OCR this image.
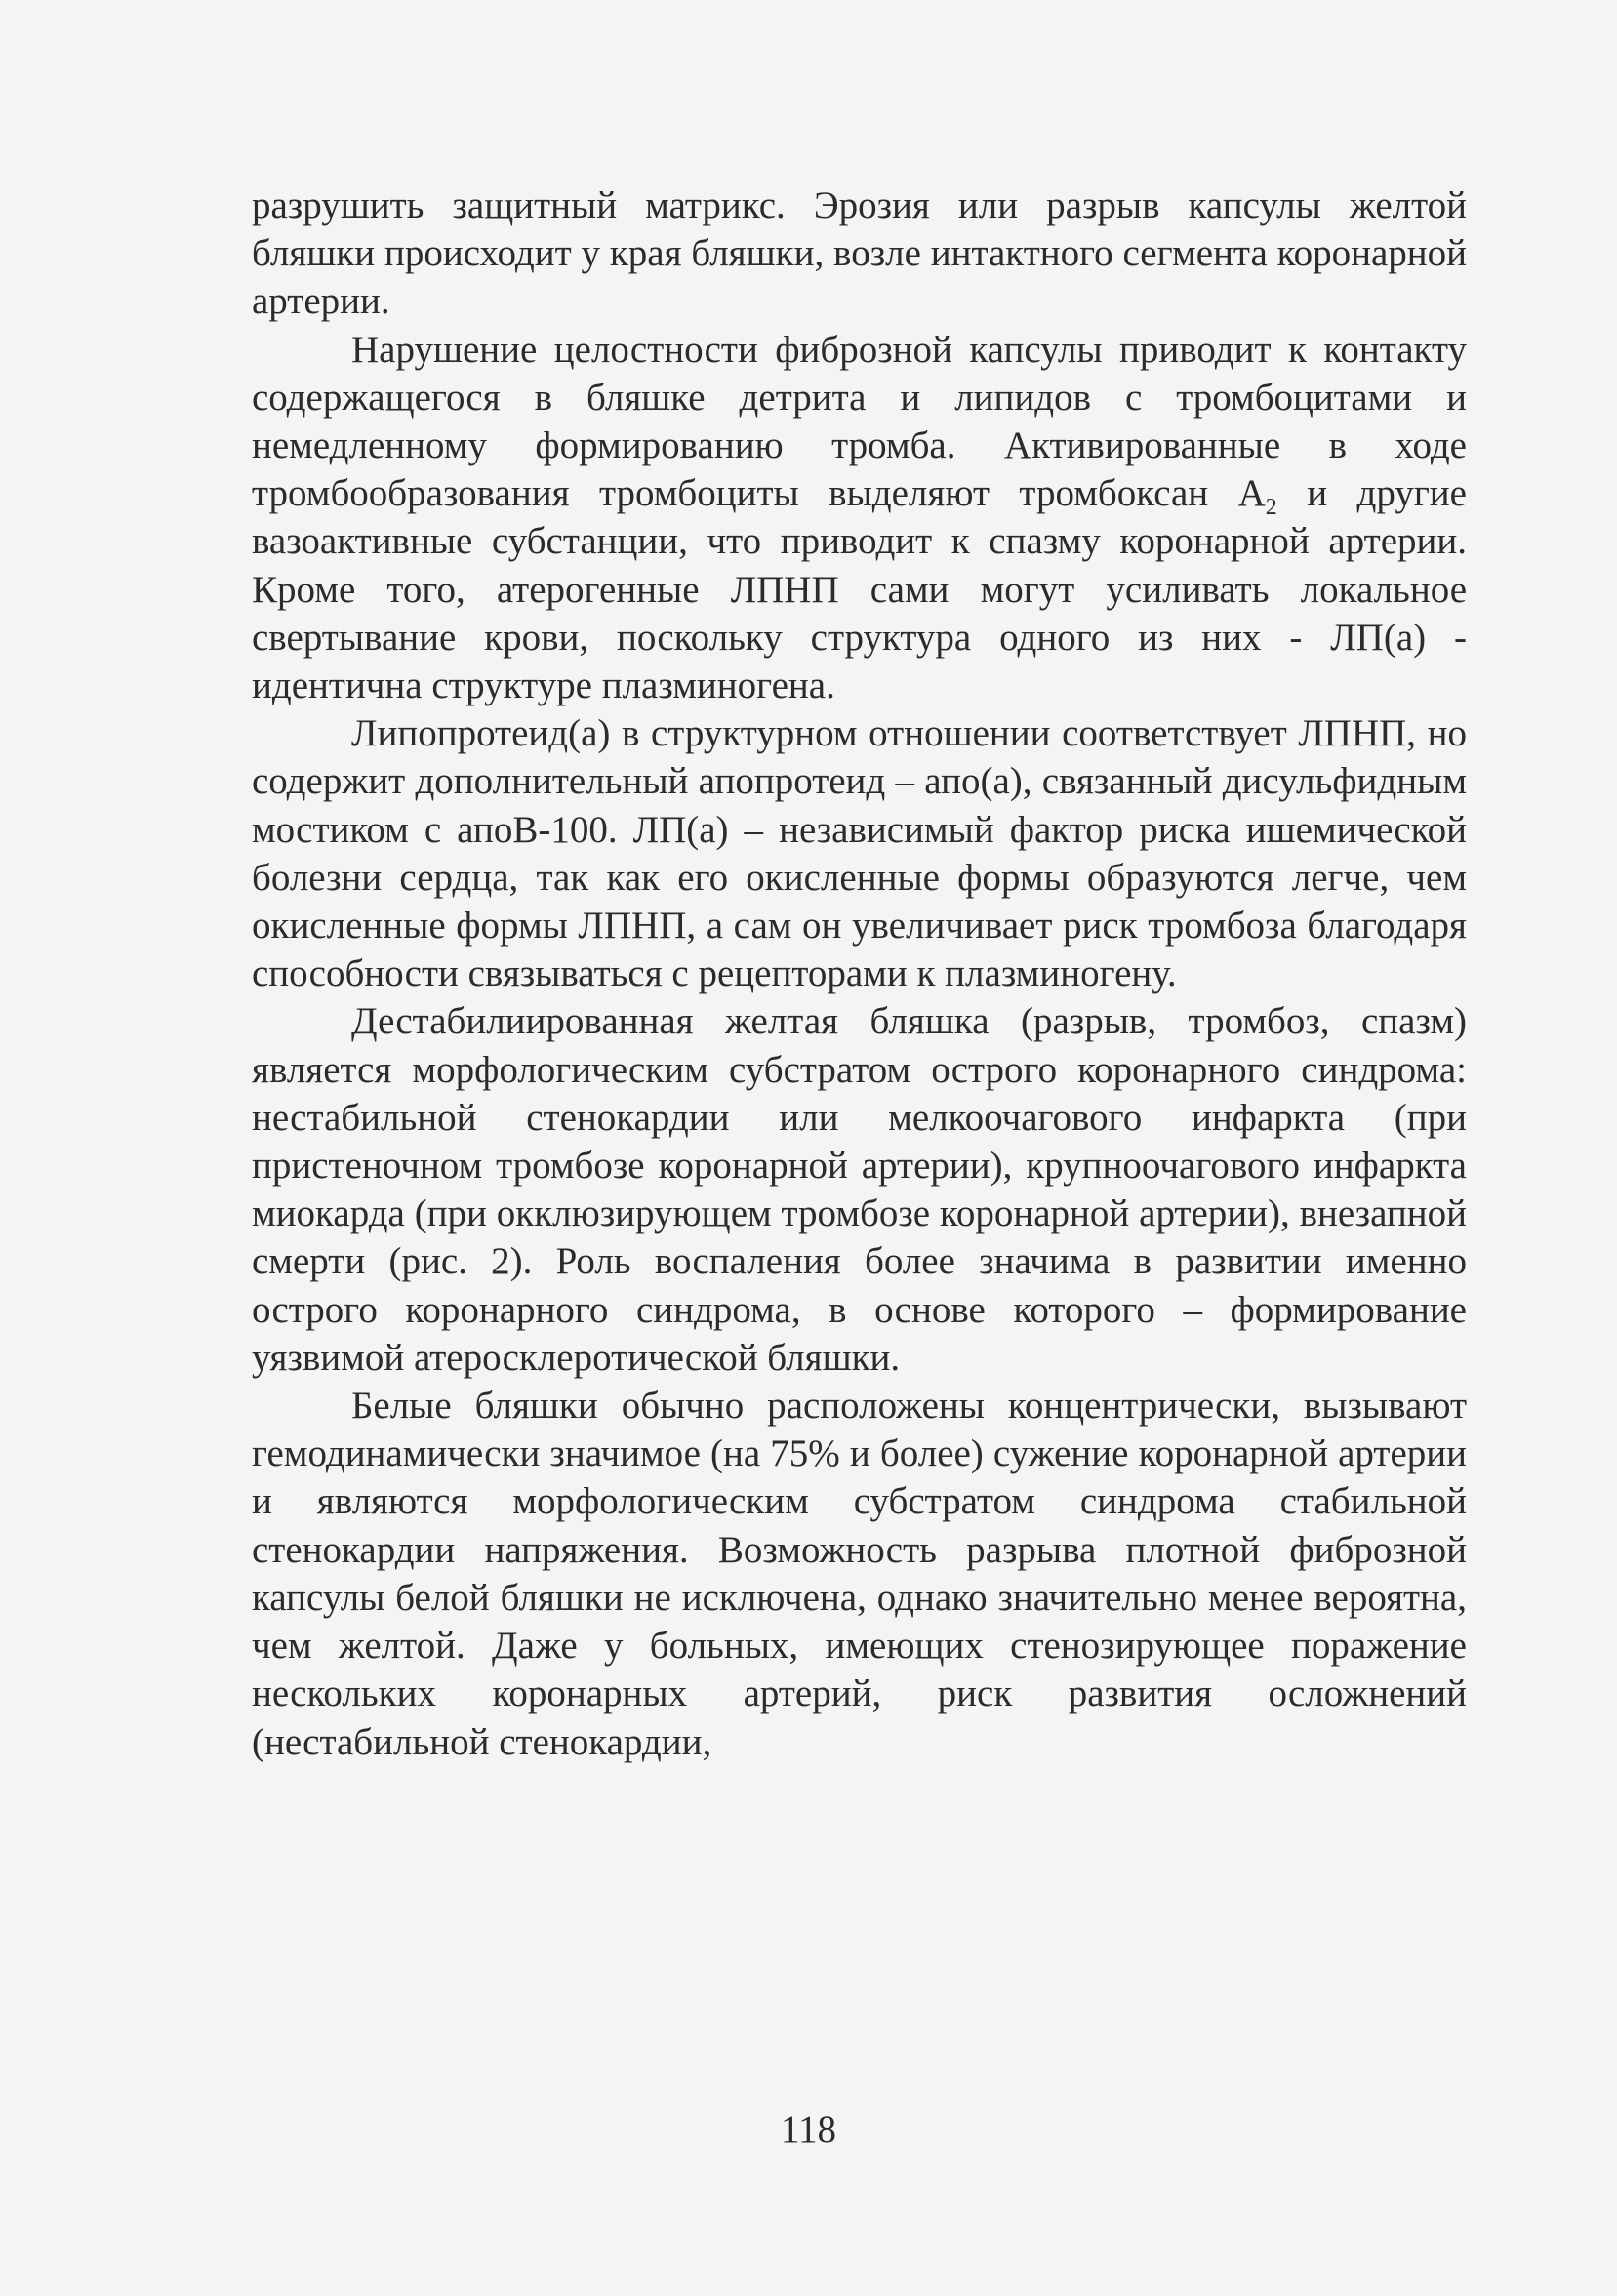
разрушить защитный матрикс. Эрозия или разрыв капсулы желтой бляшки происходит у края бляшки, возле интактного сегмента коронарной артерии.

Нарушение целостности фиброзной капсулы приводит к контакту содержащегося в бляшке детрита и липидов с тромбоцитами и немедленному формированию тромба. Активированные в ходе тромбообразования тромбоциты выделяют тромбоксан $А_2$ и другие вазоактивные субстанции, что приводит к спазму коронарной артерии. Кроме того, атерогенные ЛПНП сами могут усиливать локальное свертывание крови, поскольку структура одного из них - ЛП(а) - идентична структуре плазминогена.

Липопротеид(а) в структурном отношении соответствует ЛПНП, но содержит дополнительный апопротеид – апо(а), связанный дисульфидным мостиком с апоВ-100. ЛП(а) – независимый фактор риска ишемической болезни сердца, так как его окисленные формы образуются легче, чем окисленные формы ЛПНП, а сам он увеличивает риск тромбоза благодаря способности связываться с рецепторами к плазминогену.

Дестабилиированная желтая бляшка (разрыв, тромбоз, спазм) является морфологическим субстратом острого коронарного синдрома: нестабильной стенокардии или мелкоочагового инфаркта (при пристеночном тромбозе коронарной артерии), крупноочагового инфаркта миокарда (при окклюзирующем тромбозе коронарной артерии), внезапной смерти (рис. 2). Роль воспаления более значима в развитии именно острого коронарного синдрома, в основе которого – формирование уязвимой атеросклеротической бляшки.

Белые бляшки обычно расположены концентрически, вызывают гемодинамически значимое (на 75% и более) сужение коронарной артерии и являются морфологическим субстратом синдрома стабильной стенокардии напряжения. Возможность разрыва плотной фиброзной капсулы белой бляшки не исключена, однако значительно менее вероятна, чем желтой. Даже у больных, имеющих стенозирующее поражение нескольких коронарных артерий, риск развития осложнений (нестабильной стенокардии,

118
